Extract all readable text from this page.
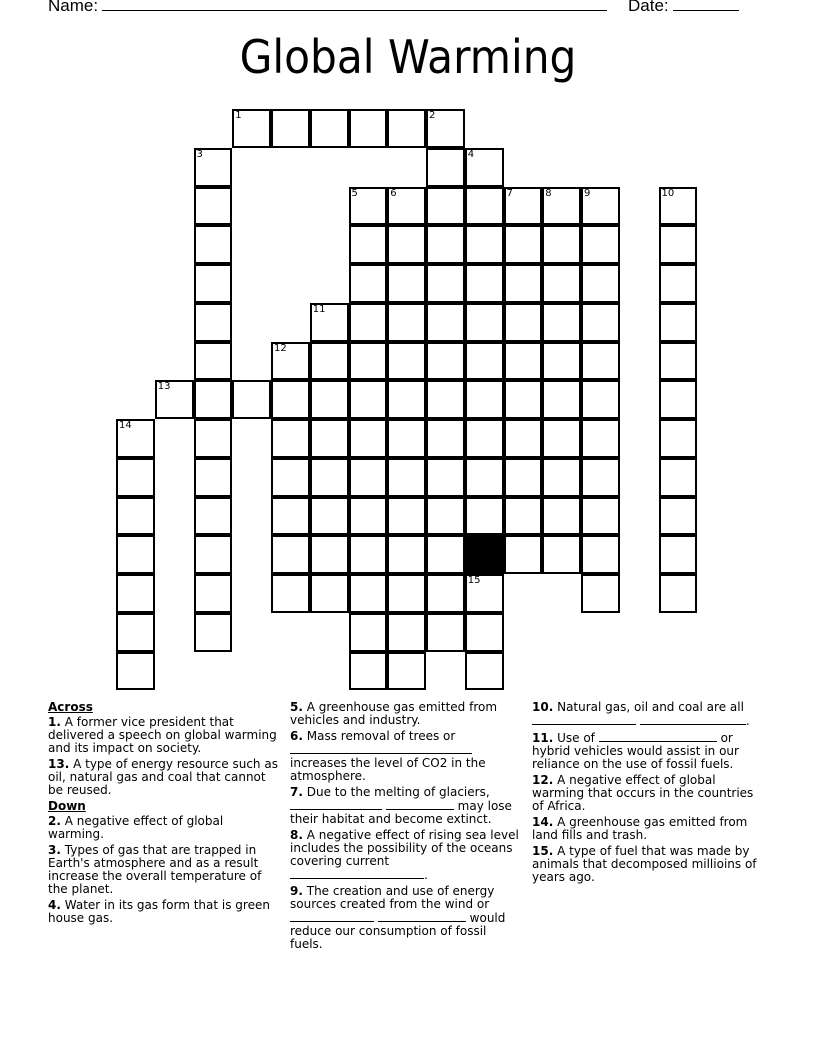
Name:	Date:
Global Warming
1	2
3	4
5	6	7	8	9	10
11
12
13
14
15
Across
1. A former vice president that delivered a speech on global warming and its impact on society.
13. A type of energy resource such as oil, natural gas and coal that cannot be reused.
Down
2. A negative effect of global warming.
3. Types of gas that are trapped in Earth's atmosphere and as a result increase the overall temperature of the planet.
4. Water in its gas form that is green house gas.
5. A greenhouse gas emitted from vehicles and industry.
6. Mass removal of trees or

increases the level of CO2 in the atmosphere.
7. Due to the melting of glaciers,
may lose their habitat and become extinct.
8. A negative effect of rising sea level includes the possibility of the oceans covering current
.
9. The creation and use of energy sources created from the wind or
would reduce our consumption of fossil fuels.
10. Natural gas, oil and coal are all
.
11. Use of	or hybrid vehicles would assist in our reliance on the use of fossil fuels.
12. A negative effect of global warming that occurs in the countries of Africa.
14. A greenhouse gas emitted from land fills and trash.
15. A type of fuel that was made by animals that decomposed millioins of years ago.
